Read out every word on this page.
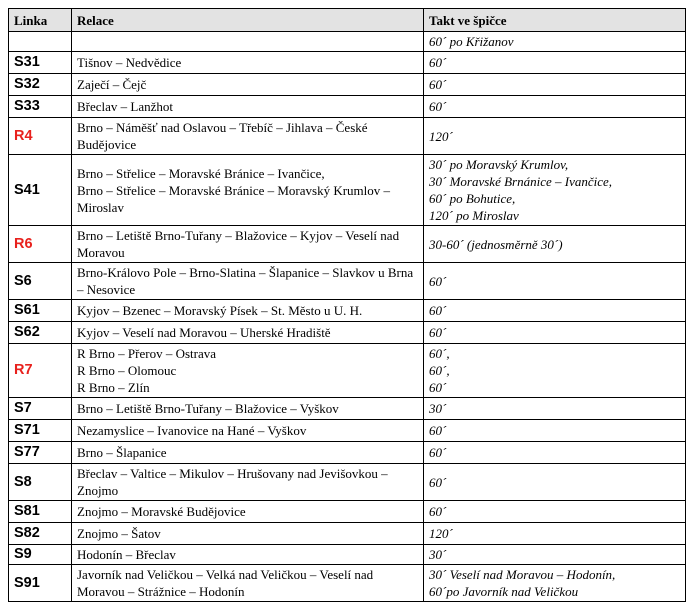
Linka	Relace	Takt ve špičce

		60´ po Křižanov

S31	Tišnov – Nedvědice	60´

S32	Zaječí – Čejč	60´

S33	Břeclav – Lanžhot	60´

R4	Brno – Náměšť nad Oslavou – Třebíč – Jihlava – České Budějovice	120´

S41	Brno – Střelice – Moravské Bránice – Ivančice,
Brno – Střelice – Moravské Bránice – Moravský Krumlov – Miroslav	30´ po Moravský Krumlov,
30´ Moravské Brnánice – Ivančice,
60´ po Bohutice,
120´ po Miroslav

R6	Brno – Letiště Brno-Tuřany – Blažovice – Kyjov – Veselí nad Moravou	30-60´ (jednosměrně 30´)

S6	Brno-Královo Pole – Brno-Slatina – Šlapanice – Slavkov u Brna – Nesovice	60´

S61	Kyjov – Bzenec – Moravský Písek – St. Město u U. H.	60´

S62	Kyjov – Veselí nad Moravou – Uherské Hradiště	60´

R7	R Brno – Přerov – Ostrava
R Brno – Olomouc
R Brno – Zlín	60´,
60´,
60´

S7	Brno – Letiště Brno-Tuřany – Blažovice – Vyškov	30´

S71	Nezamyslice – Ivanovice na Hané – Vyškov	60´

S77	Brno – Šlapanice	60´

S8	Břeclav – Valtice – Mikulov – Hrušovany nad Jevišovkou – Znojmo	60´

S81	Znojmo – Moravské Budějovice	60´

S82	Znojmo – Šatov	120´

S9	Hodonín – Břeclav	30´

S91	Javorník nad Veličkou – Velká nad Veličkou – Veselí nad Moravou – Strážnice – Hodonín	30´ Veselí nad Moravou – Hodonín,
60´po Javorník nad Veličkou
